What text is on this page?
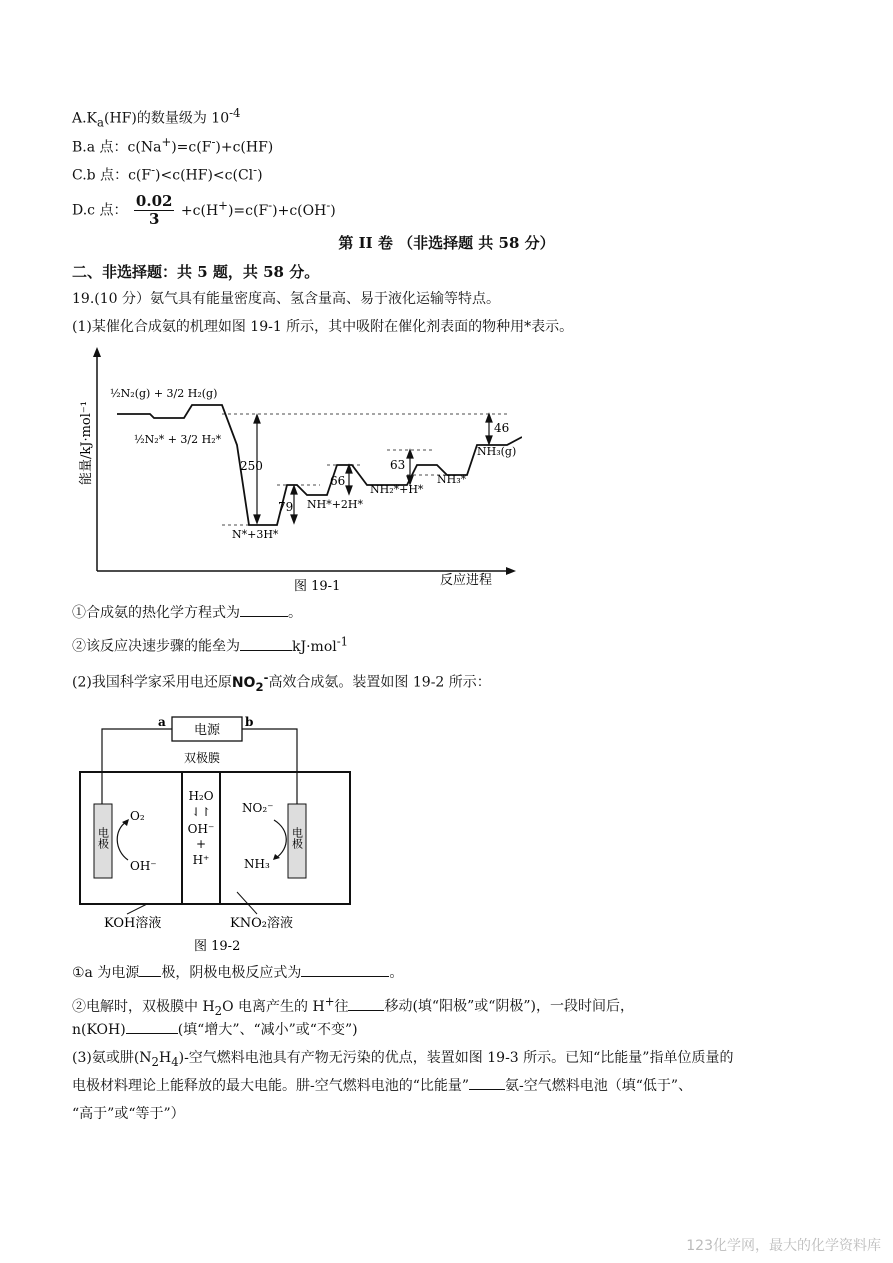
$A.K_a(HF)$的数量级为 $10^{-4}$
B.a 点：c(Na+)=c(F-)+c(HF)
C.b 点：c(F-)<c(HF)<c(Cl-)
D.c 点： $\frac{0.02}{3} +c(H^+)=c(F^-)+c(OH^-)$
第 II 卷 （非选择题 共 58 分）
二、非选择题：共 5 题，共 58 分。
19.(10 分）氨气具有能量密度高、氢含量高、易于液化运输等特点。
(1)某催化合成氨的机理如图 19-1 所示，其中吸附在催化剂表面的物种用*表示。
能量/kJ·mol⁻¹
反应进程
图 19-1
½N₂(g) + 3/2 H₂(g)
½N₂* + 3/2 H₂*
N*+3H*
NH*+2H*
NH₂*+H*
NH₃*
NH₃(g)
250
79
66
63
46
①合成氨的热化学方程式为	。
②该反应决速步骤的能垒为	kJ·mol$^{-1}$
(2)我国科学家采用电还原$NO_2^-$高效合成氨。装置如图 19-2 所示：
电源
a	b
双极膜
电极	电极
O₂
OH⁻
H₂O
⇃↾
OH⁻
+
H⁺
NO₂⁻
NH₃
KOH溶液	KNO₂溶液
图 19-2
①a 为电源 极，阴极电极反应式为	。
②电解时，双极膜中 $H_2O$ 电离产生的 H+往	移动(填“阳极”或“阴极”)，一段时间后，
n(KOH)	(填“增大”、“减小”或“不变”)
(3)氨或肼$(N_2H_4)-$空气燃料电池具有产物无污染的优点，装置如图 19-3 所示。已知“比能量”指单位质量的
电极材料理论上能释放的最大电能。肼-空气燃料电池的“比能量”	氨-空气燃料电池（填“低于”、
“高于”或“等于”）
123化学网，最大的化学资料库
